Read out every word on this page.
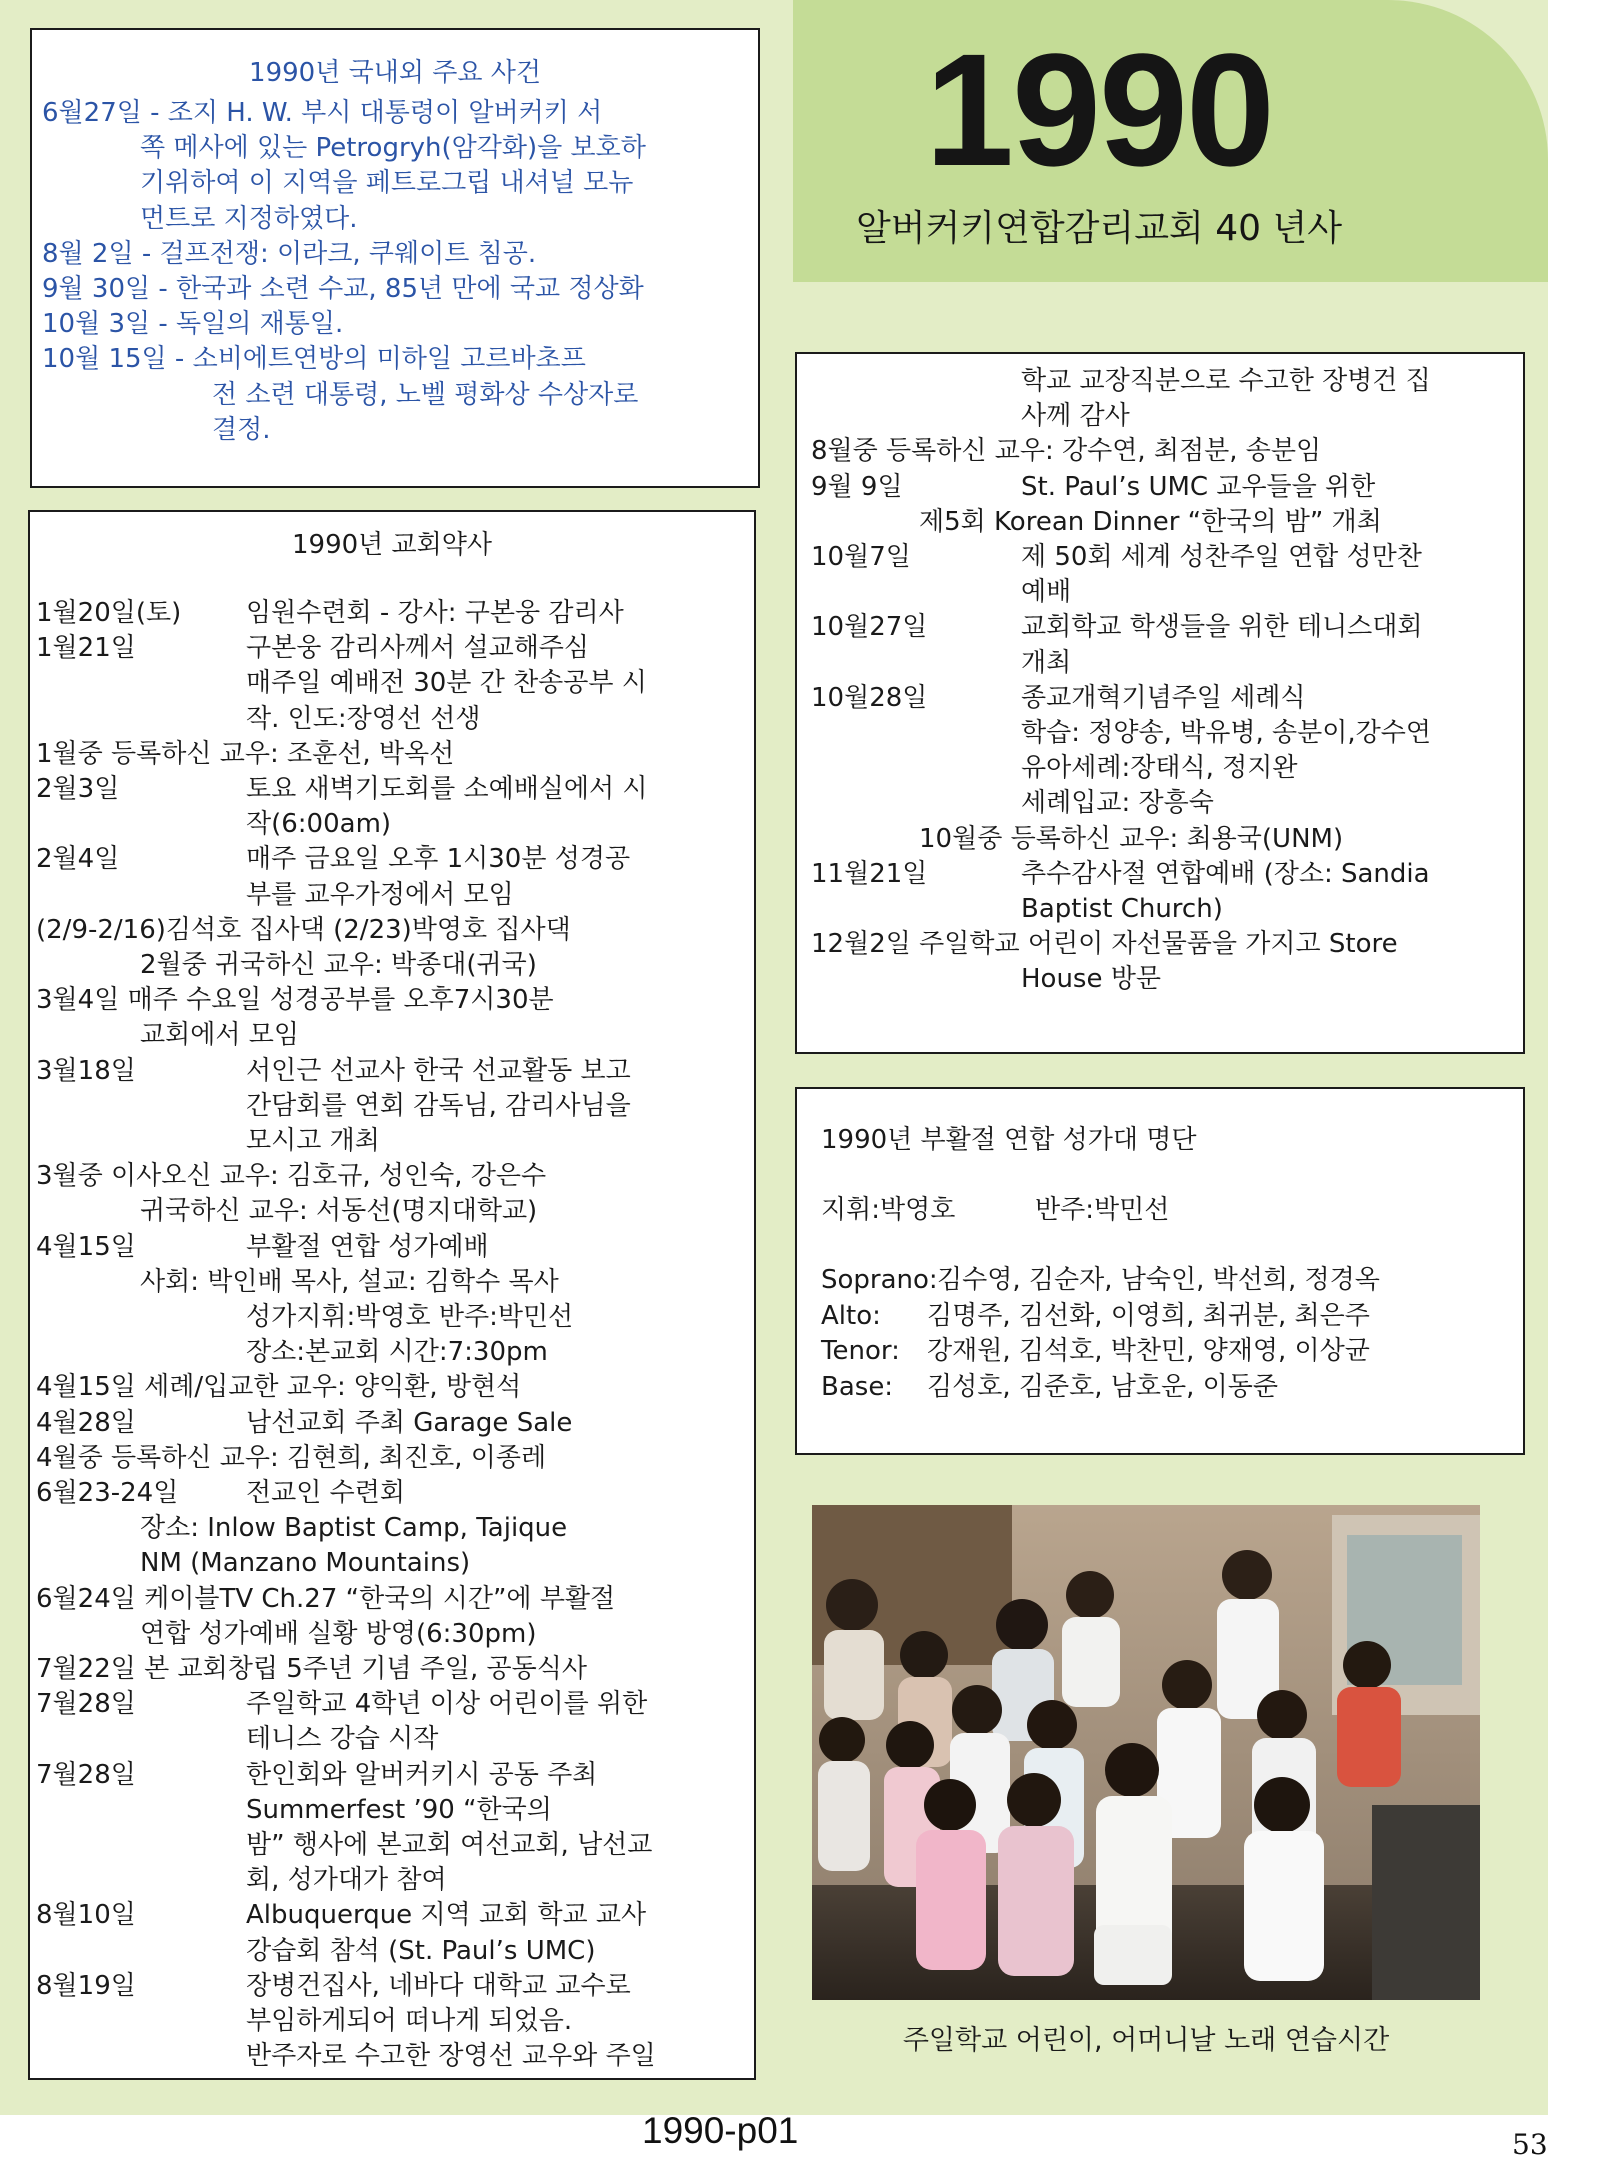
1990
알버커키연합감리교회 40 년사
1990년 국내외 주요 사건
6월27일 - 조지 H. W. 부시 대통령이 알버커키 서
쪽 메사에 있는 Petrogryh(암각화)을 보호하
기위하여 이 지역을 페트로그립 내셔널 모뉴
먼트로 지정하였다.
8월 2일 - 걸프전쟁: 이라크, 쿠웨이트 침공.
9월 30일 - 한국과 소련 수교, 85년 만에 국교 정상화
10월 3일 - 독일의 재통일.
10월 15일 - 소비에트연방의 미하일 고르바초프
전 소련 대통령, 노벨 평화상 수상자로
결정.
1990년 교회약사
1월20일(토) 임원수련회 - 강사: 구본웅 감리사
1월21일	구본웅 감리사께서 설교해주심
매주일 예배전 30분 간 찬송공부 시
작. 인도:장영선 선생
1월중 등록하신 교우: 조훈선, 박옥선
2월3일	토요 새벽기도회를 소예배실에서 시
작(6:00am)
2월4일	매주 금요일 오후 1시30분 성경공
부를 교우가정에서 모임
(2/9-2/16)김석호 집사댁 (2/23)박영호 집사댁
2월중 귀국하신 교우: 박종대(귀국)
3월4일 매주 수요일 성경공부를 오후7시30분
교회에서 모임
3월18일	서인근 선교사 한국 선교활동 보고
간담회를 연회 감독님, 감리사님을
모시고 개최
3월중 이사오신 교우: 김호규, 성인숙, 강은수
귀국하신 교우: 서동선(명지대학교)
4월15일	부활절 연합 성가예배
사회: 박인배 목사, 설교: 김학수 목사
성가지휘:박영호 반주:박민선
장소:본교회 시간:7:30pm
4월15일 세례/입교한 교우: 양익환, 방현석
4월28일	남선교회 주최 Garage Sale
4월중 등록하신 교우: 김현희, 최진호, 이종레
6월23-24일	전교인 수련회
장소: Inlow Baptist Camp, Tajique
NM (Manzano Mountains)
6월24일 케이블TV Ch.27 “한국의 시간”에 부활절
연합 성가예배 실황 방영(6:30pm)
7월22일 본 교회창립 5주년 기념 주일, 공동식사
7월28일	주일학교 4학년 이상 어린이를 위한
테니스 강습 시작
7월28일	한인회와 알버커키시 공동 주최
Summerfest ’90 “한국의
밤” 행사에 본교회 여선교회, 남선교
회, 성가대가 참여
8월10일	Albuquerque 지역 교회 학교 교사
강습회 참석 (St. Paul’s UMC)
8월19일	장병건집사, 네바다 대학교 교수로
부임하게되어 떠나게 되었음.
반주자로 수고한 장영선 교우와 주일
학교 교장직분으로 수고한 장병건 집
사께 감사
8월중 등록하신 교우: 강수연, 최점분, 송분임
9월 9일	St. Paul’s UMC 교우들을 위한
제5회 Korean Dinner “한국의 밤” 개최
10월7일	제 50회 세계 성찬주일 연합 성만찬
예배
10월27일	교회학교 학생들을 위한 테니스대회
개최
10월28일	종교개혁기념주일 세례식
학습: 정양송, 박유병, 송분이,강수연
유아세례:장태식, 정지완
세례입교: 장흥숙
10월중 등록하신 교우: 최용국(UNM)
11월21일	추수감사절 연합예배 (장소: Sandia
Baptist Church)
12월2일 주일학교 어린이 자선물품을 가지고 Store
House 방문
1990년 부활절 연합 성가대 명단
지휘:박영호	반주:박민선
Soprano: 김수영, 김순자, 남숙인, 박선희, 정경옥
Alto: 김명주, 김선화, 이영희, 최귀분, 최은주
Tenor: 강재원, 김석호, 박찬민, 양재영, 이상균
Base: 김성호, 김준호, 남호운, 이동준
주일학교 어린이, 어머니날 노래 연습시간
1990-p01	53
